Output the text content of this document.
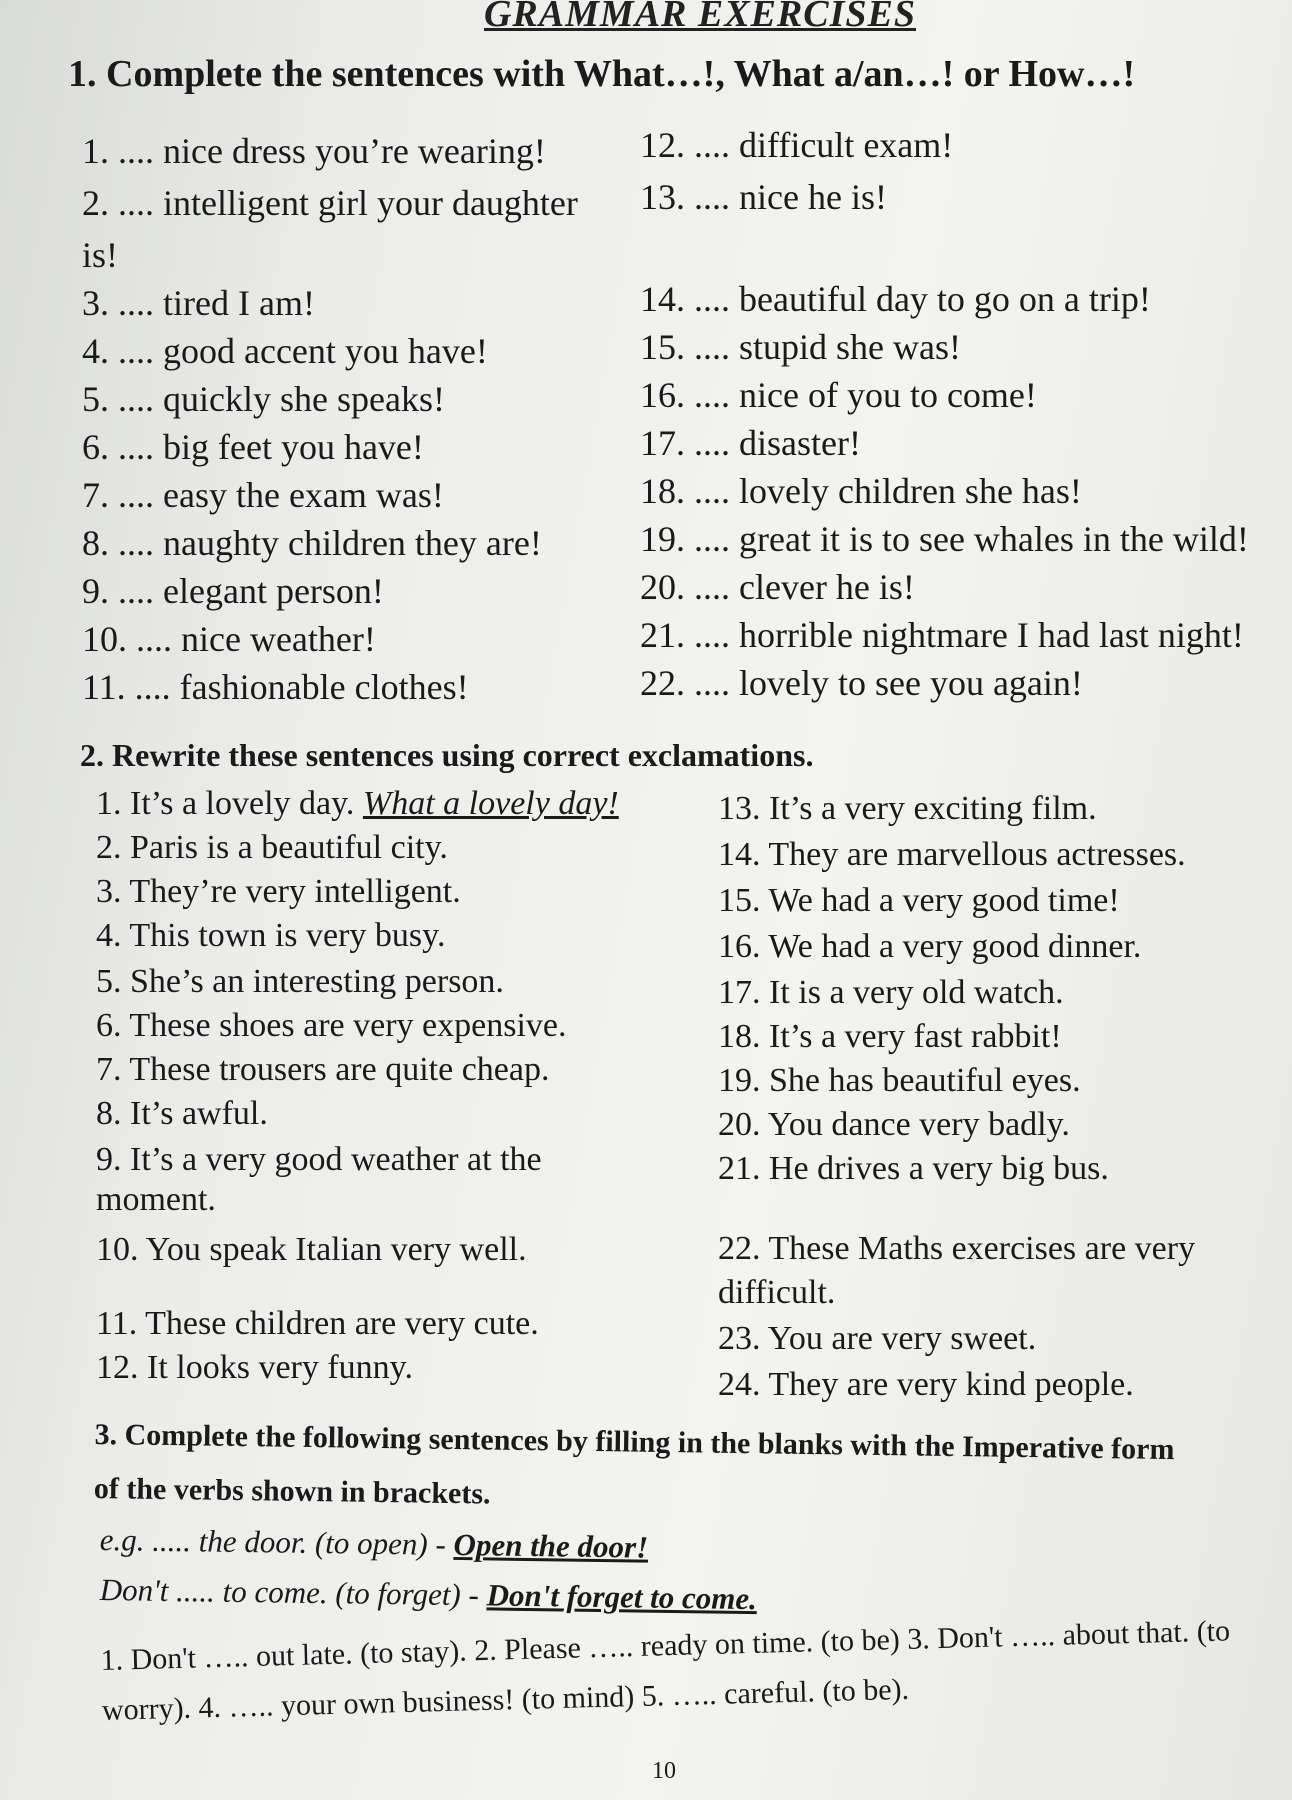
GRAMMAR EXERCISES
1. Complete the sentences with What…!, What a/an…! or How…!
1. .... nice dress you’re wearing!
2. .... intelligent girl your daughter
is!
3. .... tired I am!
4. .... good accent you have!
5. .... quickly she speaks!
6. .... big feet you have!
7. .... easy the exam was!
8. .... naughty children they are!
9. .... elegant person!
10. .... nice weather!
11. .... fashionable clothes!
12. .... difficult exam!
13. .... nice he is!
14. .... beautiful day to go on a trip!
15. .... stupid she was!
16. .... nice of you to come!
17. .... disaster!
18. .... lovely children she has!
19. .... great it is to see whales in the wild!
20. .... clever he is!
21. .... horrible nightmare I had last night!
22. .... lovely to see you again!
2. Rewrite these sentences using correct exclamations.
1. It’s a lovely day. What a lovely day!
2. Paris is a beautiful city.
3. They’re very intelligent.
4. This town is very busy.
5. She’s an interesting person.
6. These shoes are very expensive.
7. These trousers are quite cheap.
8. It’s awful.
9. It’s a very good weather at the
moment.
10. You speak Italian very well.
11. These children are very cute.
12. It looks very funny.
13. It’s a very exciting film.
14. They are marvellous actresses.
15. We had a very good time!
16. We had a very good dinner.
17. It is a very old watch.
18. It’s a very fast rabbit!
19. She has beautiful eyes.
20. You dance very badly.
21. He drives a very big bus.
22. These Maths exercises are very
difficult.
23. You are very sweet.
24. They are very kind people.
3. Complete the following sentences by filling in the blanks with the Imperative form of the verbs shown in brackets.
e.g. ..... the door. (to open) - Open the door!
Don't ..... to come. (to forget) - Don't forget to come.
1. Don't ….. out late. (to stay). 2. Please ….. ready on time. (to be) 3. Don't ….. about that. (to worry). 4. ….. your own business! (to mind) 5. ….. careful. (to be).
10
